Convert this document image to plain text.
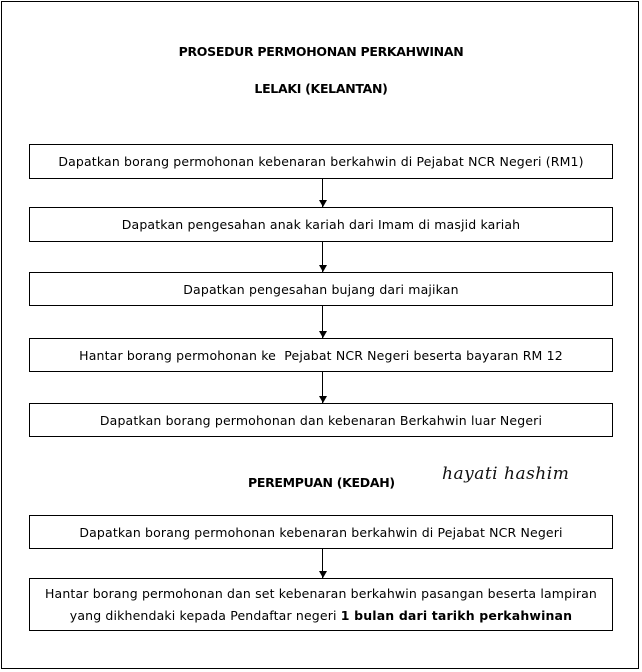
PROSEDUR PERMOHONAN PERKAHWINAN
LELAKI (KELANTAN)
Dapatkan borang permohonan kebenaran berkahwin di Pejabat NCR Negeri (RM1)
Dapatkan pengesahan anak kariah dari Imam di masjid kariah
Dapatkan pengesahan bujang dari majikan
Hantar borang permohonan ke  Pejabat NCR Negeri beserta bayaran RM 12
Dapatkan borang permohonan dan kebenaran Berkahwin luar Negeri
PEREMPUAN (KEDAH)	hayati hashim
Dapatkan borang permohonan kebenaran berkahwin di Pejabat NCR Negeri
Hantar borang permohonan dan set kebenaran berkahwin pasangan beserta lampiran
yang dikhendaki kepada Pendaftar negeri 1 bulan dari tarikh perkahwinan
